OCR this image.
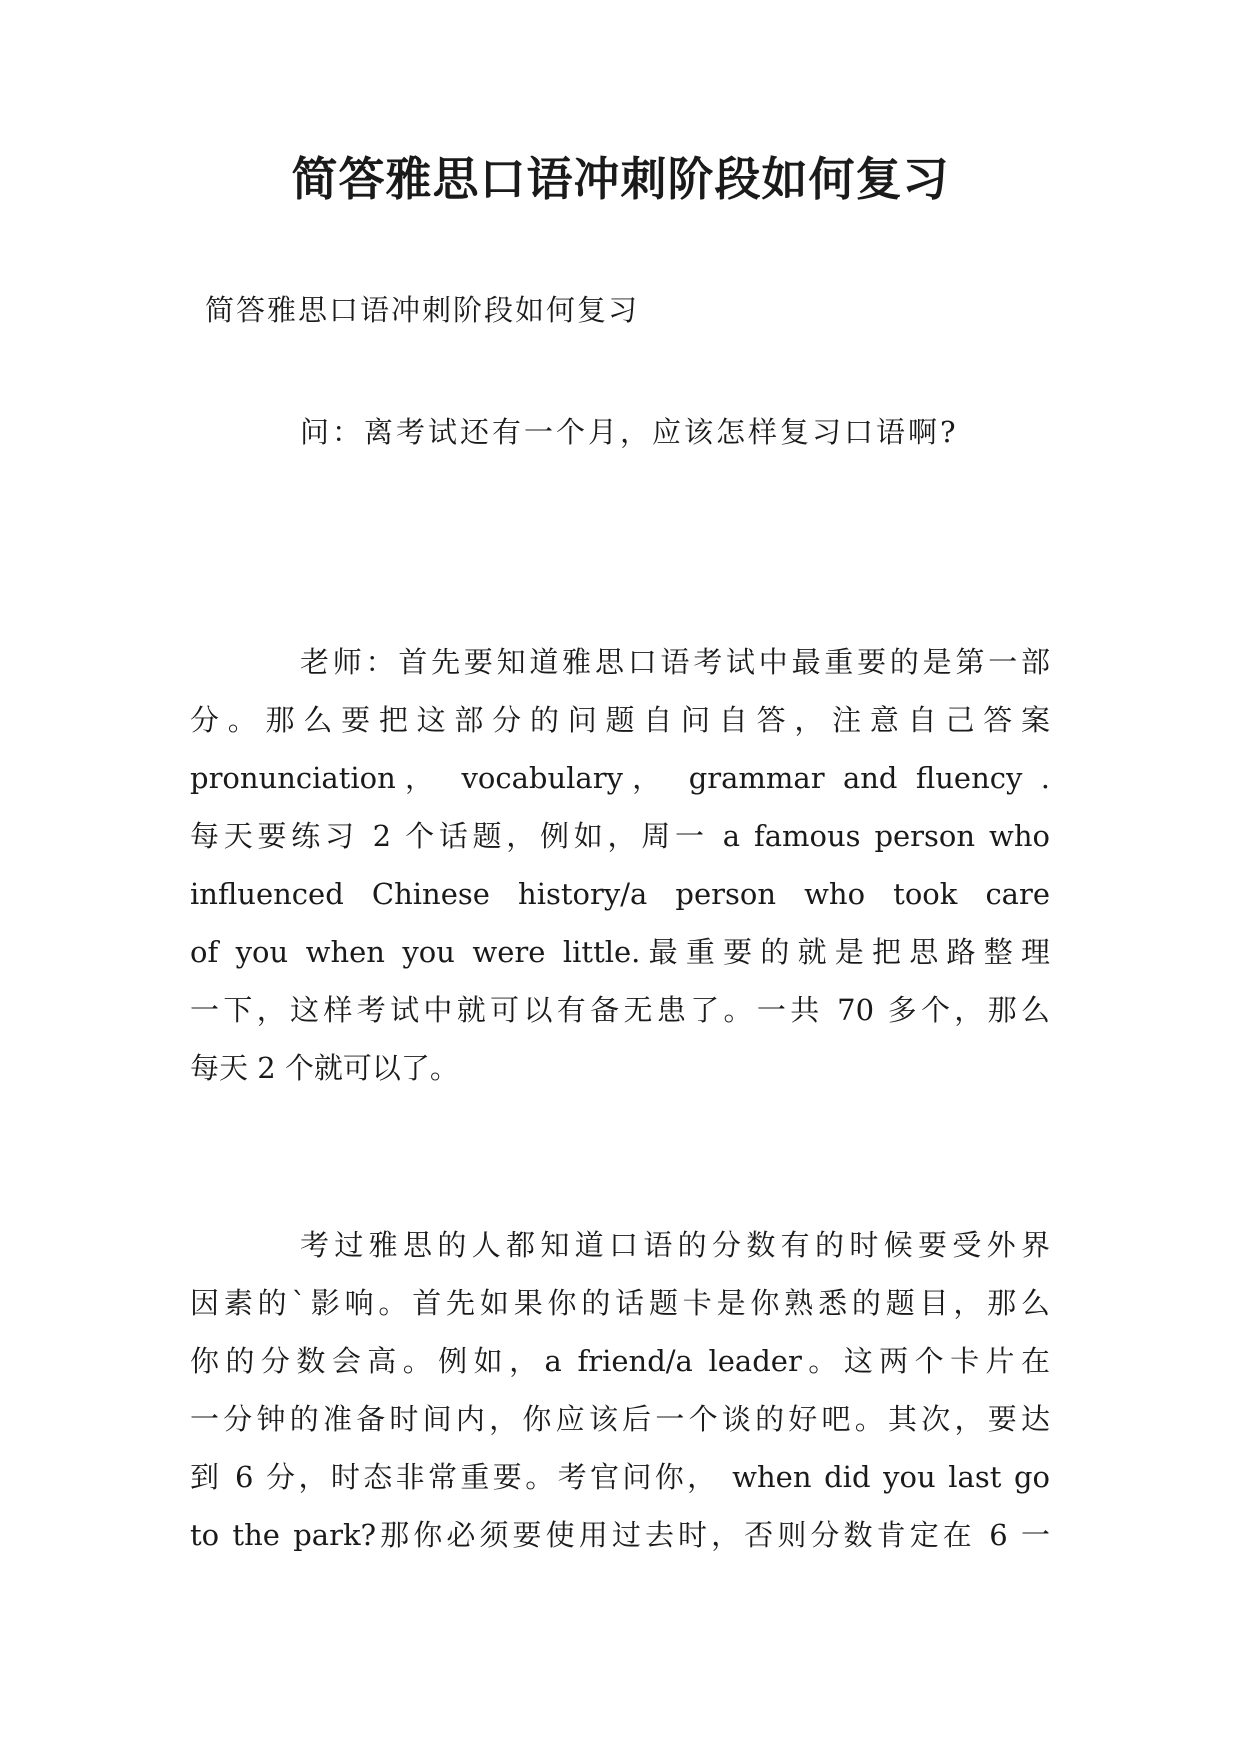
简答雅思口语冲刺阶段如何复习

简答雅思口语冲刺阶段如何复习

问：离考试还有一个月，应该怎样复习口语啊?

老师：首先要知道雅思口语考试中最重要的是第一部
分。那么要把这部分的问题自问自答，注意自己答案
pronunciation， vocabulary， grammar and fluency .
每天要练习 2 个话题，例如，周一 a famous person who
influenced Chinese history/a person who took care
of you when you were little.最重要的就是把思路整理
一下，这样考试中就可以有备无患了。一共 70 多个，那么
每天 2 个就可以了。
考过雅思的人都知道口语的分数有的时候要受外界
因素的`影响。首先如果你的话题卡是你熟悉的题目，那么
你的分数会高。例如，a friend/a leader。这两个卡片在
一分钟的准备时间内，你应该后一个谈的好吧。其次，要达
到 6 分，时态非常重要。考官问你， when did you last go
to the park?那你必须要使用过去时，否则分数肯定在 6 一
